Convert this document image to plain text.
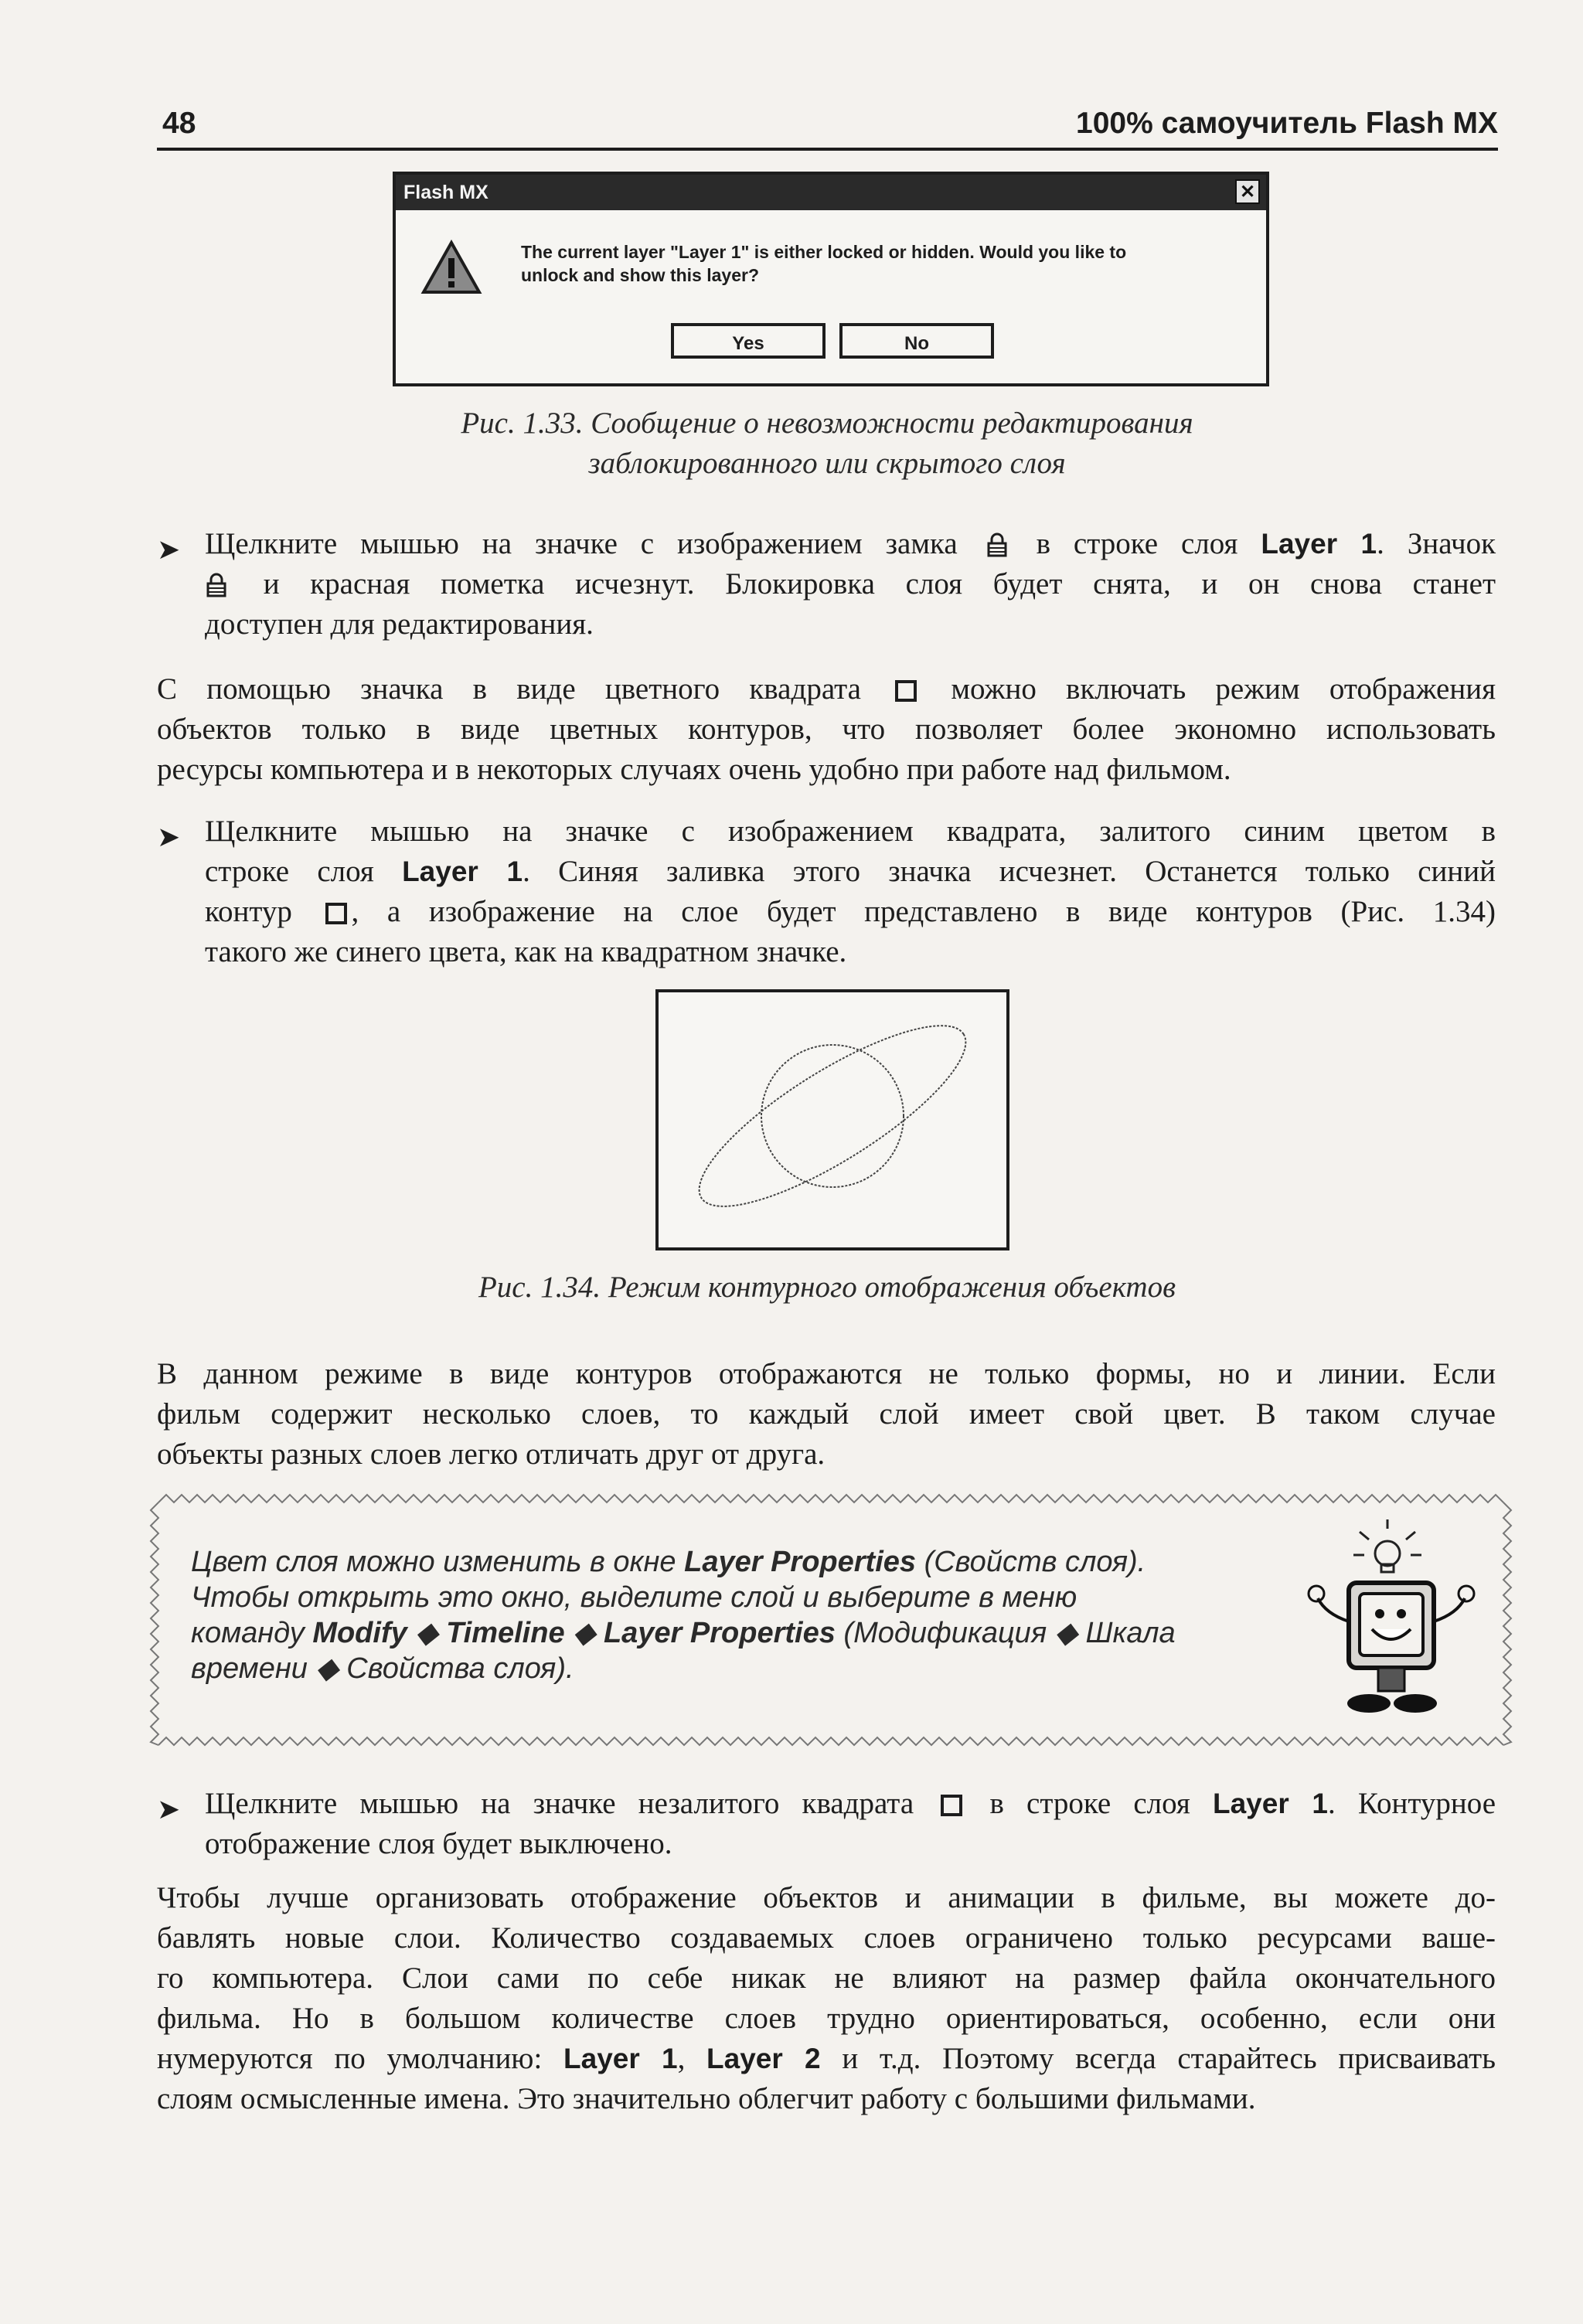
48	100% самоучитель Flash MX
Flash MX	✕
The current layer "Layer 1" is either locked or hidden. Would you like to
unlock and show this layer?
Yes	No
Рис. 1.33. Сообщение о невозможности редактирования
заблокированного или скрытого слоя
➤ Щелкните мышью на значке с изображением замка	в строке слоя Layer 1. Значок
и красная пометка исчезнут. Блокировка слоя будет снята, и он снова станет
доступен для редактирования.
С помощью значка в виде цветного квадрата	можно включать режим отображения
объектов только в виде цветных контуров, что позволяет более экономно использовать
ресурсы компьютера и в некоторых случаях очень удобно при работе над фильмом.
➤ Щелкните мышью на значке с изображением квадрата, залитого синим цветом в
строке слоя Layer 1. Синяя заливка этого значка исчезнет. Останется только синий
контур , а изображение на слое будет представлено в виде контуров (Рис. 1.34)
такого же синего цвета, как на квадратном значке.
Рис. 1.34. Режим контурного отображения объектов
В данном режиме в виде контуров отображаются не только формы, но и линии. Если
фильм содержит несколько слоев, то каждый слой имеет свой цвет. В таком случае
объекты разных слоев легко отличать друг от друга.
Цвет слоя можно изменить в окне Layer Properties (Свойств слоя).
Чтобы открыть это окно, выделите слой и выберите в меню
команду Modify ◆ Timeline ◆ Layer Properties (Модификация ◆ Шкала
времени ◆ Свойства слоя).
➤ Щелкните мышью на значке незалитого квадрата	в строке слоя Layer 1. Контурное
отображение слоя будет выключено.
Чтобы лучше организовать отображение объектов и анимации в фильме, вы можете до-
бавлять новые слои. Количество создаваемых слоев ограничено только ресурсами ваше-
го компьютера. Слои сами по себе никак не влияют на размер файла окончательного
фильма. Но в большом количестве слоев трудно ориентироваться, особенно, если они
нумеруются по умолчанию: Layer 1, Layer 2 и т.д. Поэтому всегда старайтесь присваивать
слоям осмысленные имена. Это значительно облегчит работу с большими фильмами.
